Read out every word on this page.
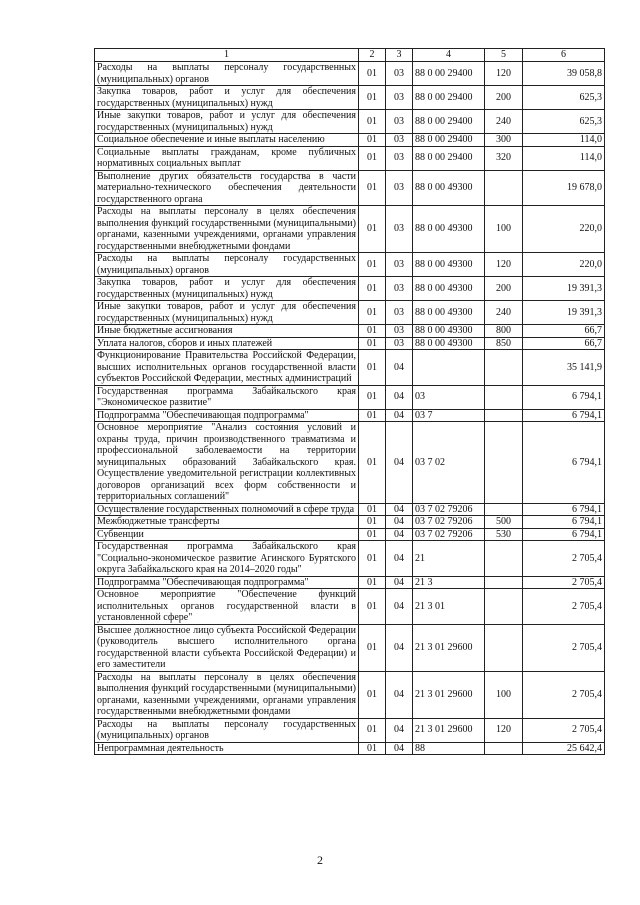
1	2	3	4	5	6
Расходы на выплаты персоналу государственных (муниципальных) органов	01	03	88 0 00 29400	120	39 058,8
Закупка товаров, работ и услуг для обеспечения государственных (муниципальных) нужд	01	03	88 0 00 29400	200	625,3
Иные закупки товаров, работ и услуг для обеспечения государственных (муниципальных) нужд	01	03	88 0 00 29400	240	625,3
Социальное обеспечение и иные выплаты населению	01	03	88 0 00 29400	300	114,0
Социальные выплаты гражданам, кроме публичных нормативных социальных выплат	01	03	88 0 00 29400	320	114,0
Выполнение других обязательств государства в части материально-технического обеспечения деятельности государственного органа	01	03	88 0 00 49300		19 678,0
Расходы на выплаты персоналу в целях обеспечения выполнения функций государственными (муниципальными) органами, казенными учреждениями, органами управления государственными внебюджетными фондами	01	03	88 0 00 49300	100	220,0
Расходы на выплаты персоналу государственных (муниципальных) органов	01	03	88 0 00 49300	120	220,0
Закупка товаров, работ и услуг для обеспечения государственных (муниципальных) нужд	01	03	88 0 00 49300	200	19 391,3
Иные закупки товаров, работ и услуг для обеспечения государственных (муниципальных) нужд	01	03	88 0 00 49300	240	19 391,3
Иные бюджетные ассигнования	01	03	88 0 00 49300	800	66,7
Уплата налогов, сборов и иных платежей	01	03	88 0 00 49300	850	66,7
Функционирование Правительства Российской Федерации, высших исполнительных органов государственной власти субъектов Российской Федерации, местных администраций	01	04			35 141,9
Государственная программа Забайкальского края "Экономическое развитие"	01	04	03		6 794,1
Подпрограмма "Обеспечивающая подпрограмма"	01	04	03 7		6 794,1
Основное мероприятие "Анализ состояния условий и охраны труда, причин производственного травматизма и профессиональной заболеваемости на территории муниципальных образований Забайкальского края. Осуществление уведомительной регистрации коллективных договоров организаций всех форм собственности и территориальных соглашений"	01	04	03 7 02		6 794,1
Осуществление государственных полномочий в сфере труда	01	04	03 7 02 79206		6 794,1
Межбюджетные трансферты	01	04	03 7 02 79206	500	6 794,1
Субвенции	01	04	03 7 02 79206	530	6 794,1
Государственная программа Забайкальского края "Социально-экономическое развитие Агинского Бурятского округа Забайкальского края на 2014–2020 годы"	01	04	21		2 705,4
Подпрограмма "Обеспечивающая подпрограмма"	01	04	21 3		2 705,4
Основное мероприятие "Обеспечение функций исполнительных органов государственной власти в установленной сфере"	01	04	21 3 01		2 705,4
Высшее должностное лицо субъекта Российской Федерации (руководитель высшего исполнительного органа государственной власти субъекта Российской Федерации) и его заместители	01	04	21 3 01 29600		2 705,4
Расходы на выплаты персоналу в целях обеспечения выполнения функций государственными (муниципальными) органами, казенными учреждениями, органами управления государственными внебюджетными фондами	01	04	21 3 01 29600	100	2 705,4
Расходы на выплаты персоналу государственных (муниципальных) органов	01	04	21 3 01 29600	120	2 705,4
Непрограммная деятельность	01	04	88		25 642,4
2
